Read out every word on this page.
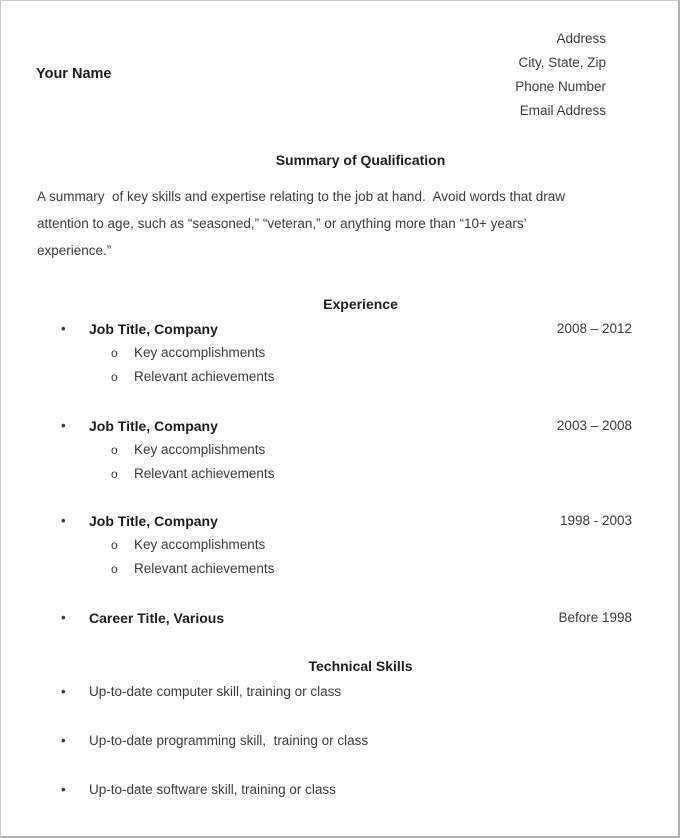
Address
City, State, Zip
Phone Number
Email Address
Your Name
Summary of Qualification

A summary  of key skills and expertise relating to the job at hand.  Avoid words that draw attention to age, such as “seasoned,” “veteran,” or anything more than “10+ years’ experience.”

Experience
• Job Title, Company	2008 – 2012
o Key accomplishments
o Relevant achievements
• Job Title, Company	2003 – 2008
o Key accomplishments
o Relevant achievements
• Job Title, Company	1998 - 2003
o Key accomplishments
o Relevant achievements
• Career Title, Various	Before 1998
Technical Skills
• Up-to-date computer skill, training or class
• Up-to-date programming skill,  training or class
• Up-to-date software skill, training or class
